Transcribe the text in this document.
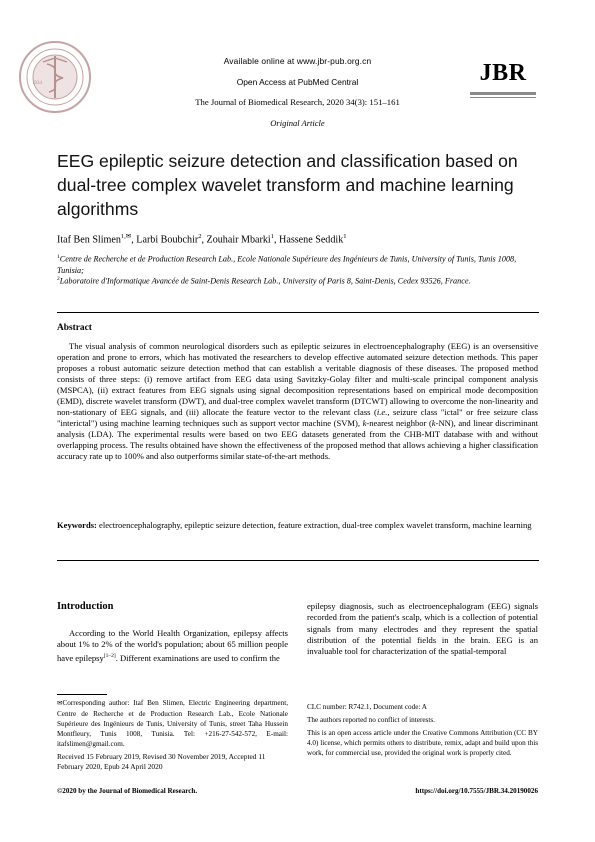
1934
Available online at www.jbr-pub.org.cn
Open Access at PubMed Central
The Journal of Biomedical Research, 2020 34(3): 151–161
Original Article
JBR
EEG epileptic seizure detection and classification based on dual-tree complex wavelet transform and machine learning algorithms
Itaf Ben Slimen$^{1,✉}$, Larbi Boubchir$^2$, Zouhair Mbarki$^1$, Hassene Seddik$^1$
$^1$Centre de Recherche et de Production Research Lab., Ecole Nationale Supérieure des Ingénieurs de Tunis, University of Tunis, Tunis 1008, Tunisia;
$^2$Laboratoire d'Informatique Avancée de Saint-Denis Research Lab., University of Paris 8, Saint-Denis, Cedex 93526, France.
Abstract
The visual analysis of common neurological disorders such as epileptic seizures in electroencephalography (EEG) is an oversensitive operation and prone to errors, which has motivated the researchers to develop effective automated seizure detection methods. This paper proposes a robust automatic seizure detection method that can establish a veritable diagnosis of these diseases. The proposed method consists of three steps: (i) remove artifact from EEG data using Savitzky-Golay filter and multi-scale principal component analysis (MSPCA), (ii) extract features from EEG signals using signal decomposition representations based on empirical mode decomposition (EMD), discrete wavelet transform (DWT), and dual-tree complex wavelet transform (DTCWT) allowing to overcome the non-linearity and non-stationary of EEG signals, and (iii) allocate the feature vector to the relevant class (i.e., seizure class "ictal" or free seizure class "interictal") using machine learning techniques such as support vector machine (SVM), k-nearest neighbor (k-NN), and linear discriminant analysis (LDA). The experimental results were based on two EEG datasets generated from the CHB-MIT database with and without overlapping process. The results obtained have shown the effectiveness of the proposed method that allows achieving a higher classification accuracy rate up to 100% and also outperforms similar state-of-the-art methods.
Keywords: electroencephalography, epileptic seizure detection, feature extraction, dual-tree complex wavelet transform, machine learning
Introduction
According to the World Health Organization, epilepsy affects about 1% to 2% of the world's population; about 65 million people have epilepsy[1–2]. Different examinations are used to confirm the
epilepsy diagnosis, such as electroencephalogram (EEG) signals recorded from the patient's scalp, which is a collection of potential signals from many electrodes and they represent the spatial distribution of the potential fields in the brain. EEG is an invaluable tool for characterization of the spatial-temporal
✉Corresponding author: Itaf Ben Slimen, Electric Engineering department, Centre de Recherche et de Production Research Lab., Ecole Nationale Supérieure des Ingénieurs de Tunis, University of Tunis, street Taha Hussein Montfleury, Tunis 1008, Tunisia. Tel: +216-27-542-572, E-mail: itafslimen@gmail.com.
Received 15 February 2019, Revised 30 November 2019, Accepted 11 February 2020, Epub 24 April 2020
CLC number: R742.1, Document code: A
The authors reported no conflict of interests.
This is an open access article under the Creative Commons Attribution (CC BY 4.0) license, which permits others to distribute, remix, adapt and build upon this work, for commercial use, provided the original work is properly cited.
©2020 by the Journal of Biomedical Research.	https://doi.org/10.7555/JBR.34.20190026
